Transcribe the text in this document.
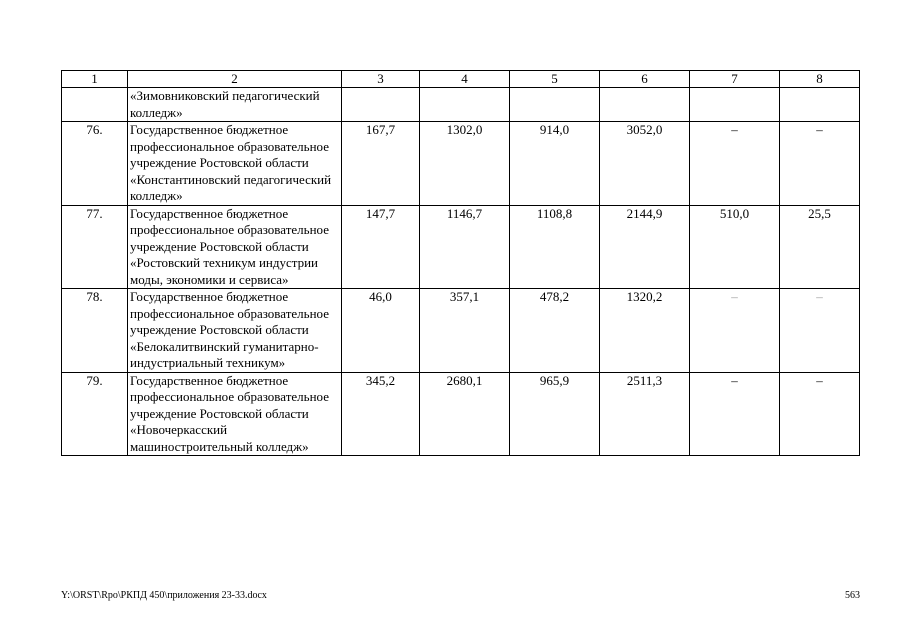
1	2	3	4	5	6	7	8
	«Зимовниковский педагогический колледж»						
76.	Государственное бюджетное профессиональное образовательное учреждение Ростовской области «Константиновский педагогический колледж»	167,7	1302,0	914,0	3052,0	–	–
77.	Государственное бюджетное профессиональное образовательное учреждение Ростовской области «Ростовский техникум индустрии моды, экономики и сервиса»	147,7	1146,7	1108,8	2144,9	510,0	25,5
78.	Государственное бюджетное профессиональное образовательное учреждение Ростовской области «Белокалитвинский гуманитарно-индустриальный техникум»	46,0	357,1	478,2	1320,2	–	–
79.	Государственное бюджетное профессиональное образовательное учреждение Ростовской области «Новочеркасский машиностроительный колледж»	345,2	2680,1	965,9	2511,3	–	–
Y:\ORST\Rpo\РКПД 450\приложения 23-33.docx	563
